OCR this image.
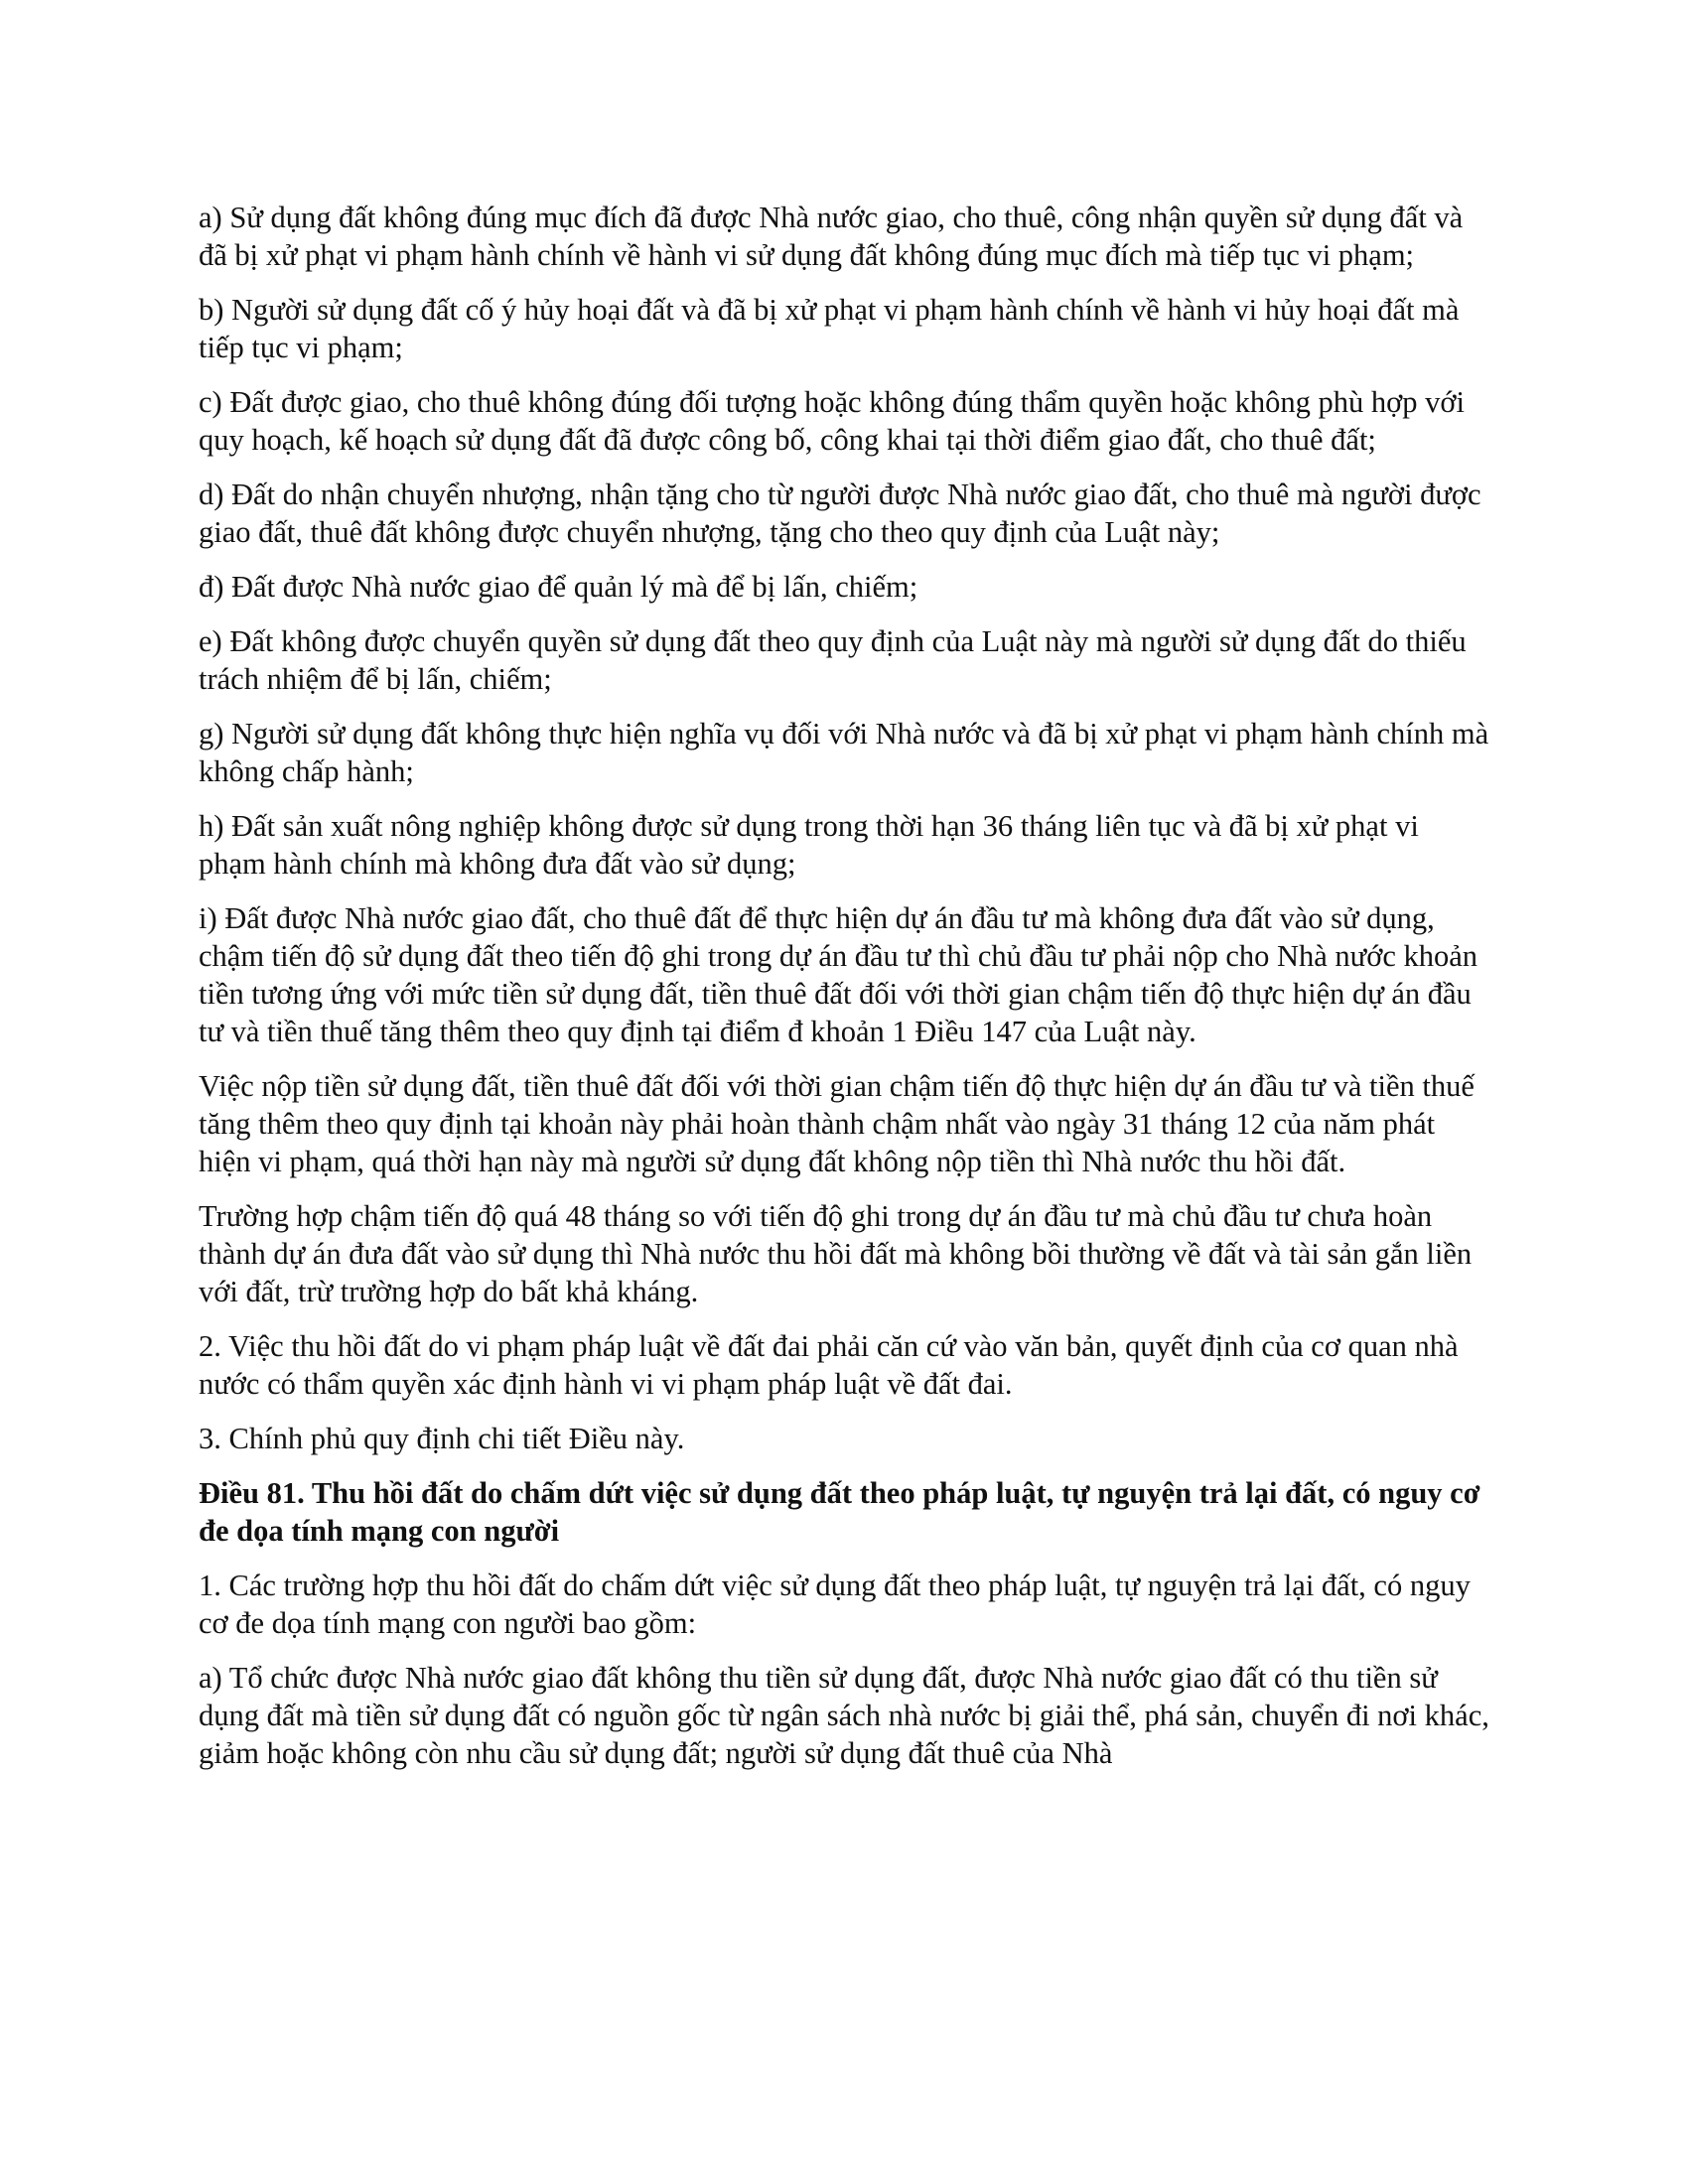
a) Sử dụng đất không đúng mục đích đã được Nhà nước giao, cho thuê, công nhận quyền sử dụng đất và đã bị xử phạt vi phạm hành chính về hành vi sử dụng đất không đúng mục đích mà tiếp tục vi phạm;

b) Người sử dụng đất cố ý hủy hoại đất và đã bị xử phạt vi phạm hành chính về hành vi hủy hoại đất mà tiếp tục vi phạm;

c) Đất được giao, cho thuê không đúng đối tượng hoặc không đúng thẩm quyền hoặc không phù hợp với quy hoạch, kế hoạch sử dụng đất đã được công bố, công khai tại thời điểm giao đất, cho thuê đất;

d) Đất do nhận chuyển nhượng, nhận tặng cho từ người được Nhà nước giao đất, cho thuê mà người được giao đất, thuê đất không được chuyển nhượng, tặng cho theo quy định của Luật này;

đ) Đất được Nhà nước giao để quản lý mà để bị lấn, chiếm;

e) Đất không được chuyển quyền sử dụng đất theo quy định của Luật này mà người sử dụng đất do thiếu trách nhiệm để bị lấn, chiếm;

g) Người sử dụng đất không thực hiện nghĩa vụ đối với Nhà nước và đã bị xử phạt vi phạm hành chính mà không chấp hành;

h) Đất sản xuất nông nghiệp không được sử dụng trong thời hạn 36 tháng liên tục và đã bị xử phạt vi phạm hành chính mà không đưa đất vào sử dụng;

i) Đất được Nhà nước giao đất, cho thuê đất để thực hiện dự án đầu tư mà không đưa đất vào sử dụng, chậm tiến độ sử dụng đất theo tiến độ ghi trong dự án đầu tư thì chủ đầu tư phải nộp cho Nhà nước khoản tiền tương ứng với mức tiền sử dụng đất, tiền thuê đất đối với thời gian chậm tiến độ thực hiện dự án đầu tư và tiền thuế tăng thêm theo quy định tại điểm đ khoản 1 Điều 147 của Luật này.

Việc nộp tiền sử dụng đất, tiền thuê đất đối với thời gian chậm tiến độ thực hiện dự án đầu tư và tiền thuế tăng thêm theo quy định tại khoản này phải hoàn thành chậm nhất vào ngày 31 tháng 12 của năm phát hiện vi phạm, quá thời hạn này mà người sử dụng đất không nộp tiền thì Nhà nước thu hồi đất.

Trường hợp chậm tiến độ quá 48 tháng so với tiến độ ghi trong dự án đầu tư mà chủ đầu tư chưa hoàn thành dự án đưa đất vào sử dụng thì Nhà nước thu hồi đất mà không bồi thường về đất và tài sản gắn liền với đất, trừ trường hợp do bất khả kháng.

2. Việc thu hồi đất do vi phạm pháp luật về đất đai phải căn cứ vào văn bản, quyết định của cơ quan nhà nước có thẩm quyền xác định hành vi vi phạm pháp luật về đất đai.

3. Chính phủ quy định chi tiết Điều này.

Điều 81. Thu hồi đất do chấm dứt việc sử dụng đất theo pháp luật, tự nguyện trả lại đất, có nguy cơ đe dọa tính mạng con người

1. Các trường hợp thu hồi đất do chấm dứt việc sử dụng đất theo pháp luật, tự nguyện trả lại đất, có nguy cơ đe dọa tính mạng con người bao gồm:

a) Tổ chức được Nhà nước giao đất không thu tiền sử dụng đất, được Nhà nước giao đất có thu tiền sử dụng đất mà tiền sử dụng đất có nguồn gốc từ ngân sách nhà nước bị giải thể, phá sản, chuyển đi nơi khác, giảm hoặc không còn nhu cầu sử dụng đất; người sử dụng đất thuê của Nhà
